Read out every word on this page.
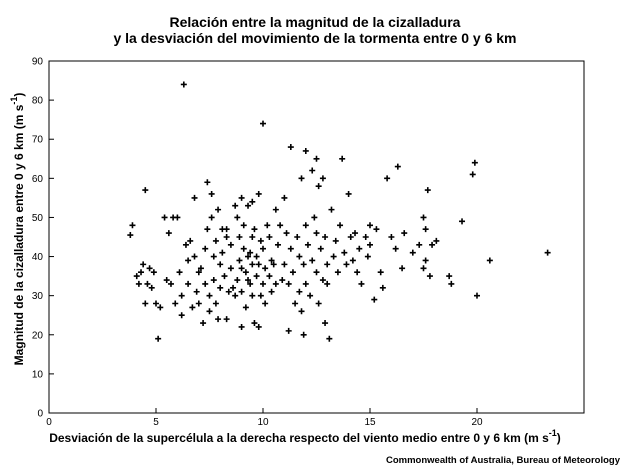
Relación entre la magnitud de la cizalladura
y la desviación del movimiento de la tormenta entre 0 y 6 km
0	5	10	15	20
0
10
20
30
40
50
60
70
80
90
Desviación de la supercélula a la derecha respecto del viento medio entre 0 y 6 km (m $s^{-1}$)
Magnitud de la cizalladura entre 0 y 6 km (m $s^{-1}$)
Commonwealth of Australia, Bureau of Meteorology
